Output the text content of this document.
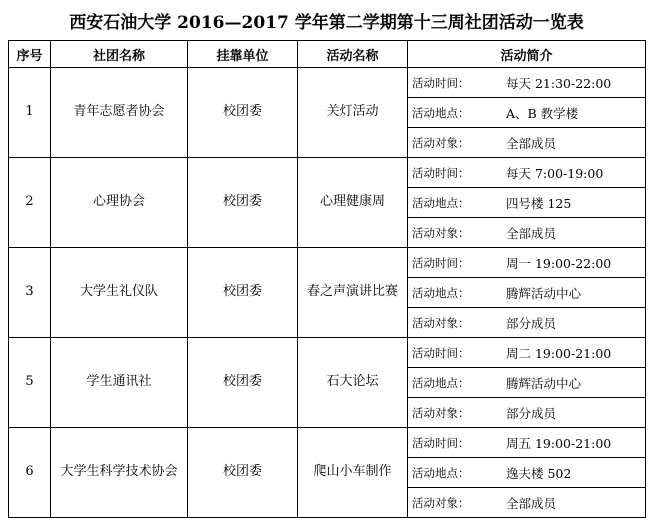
西安石油大学 2016—2017 学年第二学期第十三周社团活动一览表
序号	社团名称	挂靠单位	活动名称	活动简介
1	青年志愿者协会	校团委	关灯活动	
活动时间：	每天 21:30-22:00
活动地点：	A、B 教学楼
活动对象：	全部成员

2	心理协会	校团委	心理健康周	
活动时间：	每天 7:00-19:00
活动地点：	四号楼 125
活动对象：	全部成员

3	大学生礼仪队	校团委	春之声演讲比赛	
活动时间：	周一 19:00-22:00
活动地点：	腾辉活动中心
活动对象：	部分成员

5	学生通讯社	校团委	石大论坛	
活动时间：	周二 19:00-21:00
活动地点：	腾辉活动中心
活动对象：	部分成员

6	大学生科学技术协会	校团委	爬山小车制作	
活动时间：	周五 19:00-21:00
活动地点：	逸夫楼 502
活动对象：	全部成员
